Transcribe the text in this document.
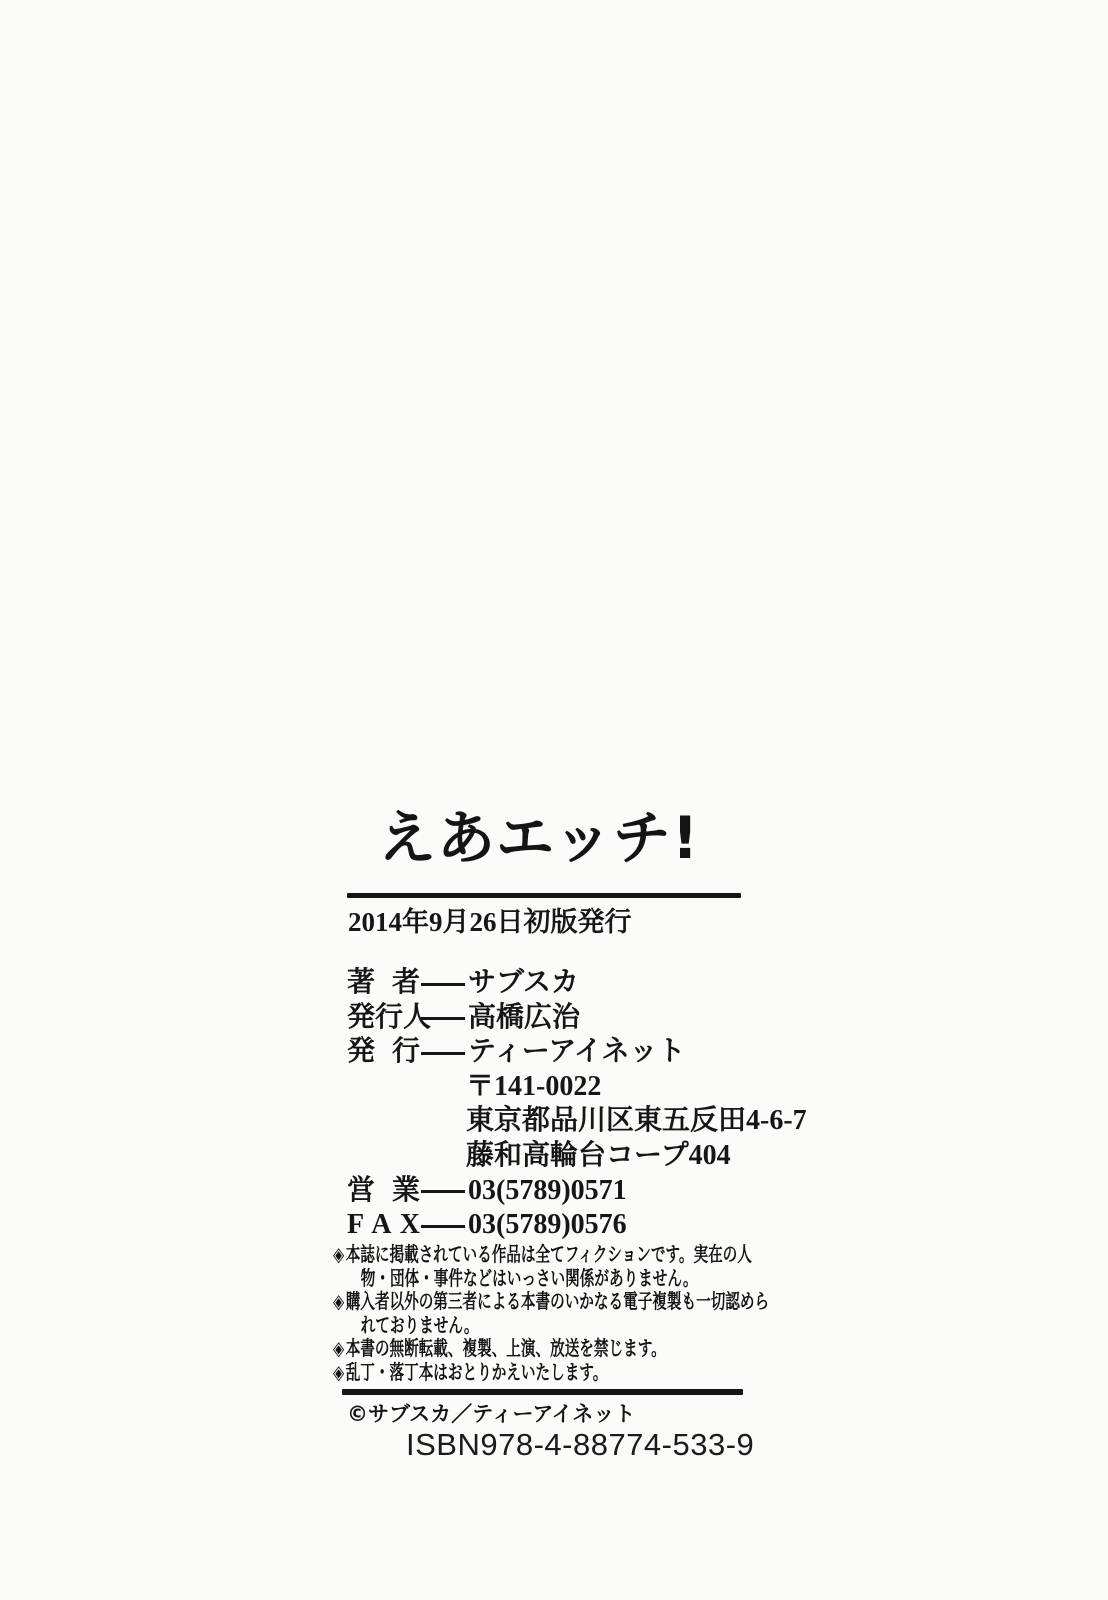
えあエッチ!
2014年9月26日初版発行
著 者 サブスカ
発行人 高橋広治
発 行 ティーアイネット
〒141-0022
東京都品川区東五反田4-6-7
藤和高輪台コープ404
営 業 03(5789)0571
F A X 03(5789)0576
◈本誌に掲載されている作品は全てフィクションです。実在の人物・団体・事件などはいっさい関係がありません。
◈購入者以外の第三者による本書のいかなる電子複製も一切認められておりません。
◈本書の無断転載、複製、上演、放送を禁じます。
◈乱丁・落丁本はおとりかえいたします。
©サブスカ／ティーアイネット
ISBN978-4-88774-533-9
